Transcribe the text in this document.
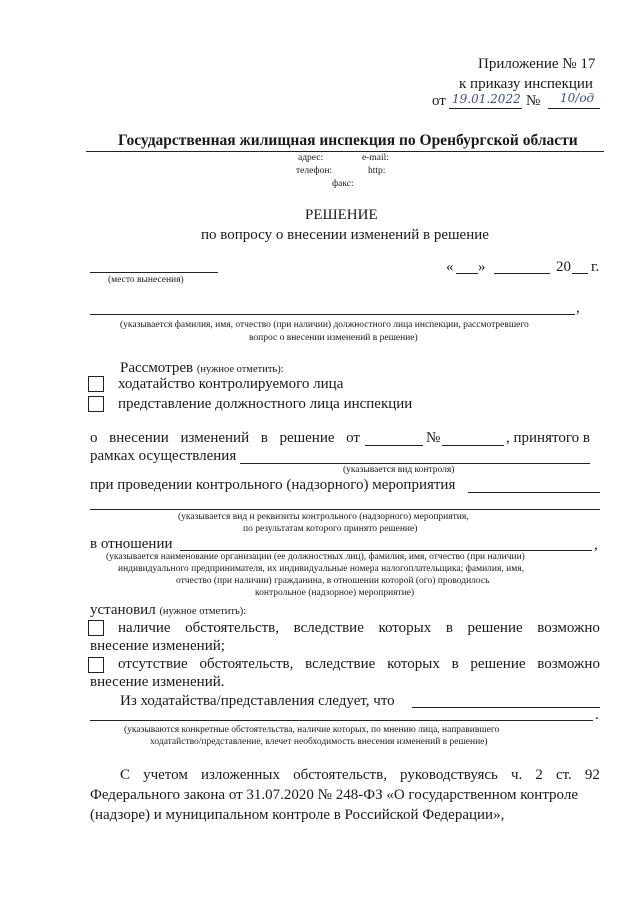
Приложение № 17
к приказу инспекции
от 19.01.2022 № 10/од
Государственная жилищная инспекция по Оренбургской области
адрес:	e-mail:
телефон:	http:
факс:
РЕШЕНИЕ
по вопросу о внесении изменений в решение
(место вынесения)
« »	20 г.
,
(указывается фамилия, имя, отчество (при наличии) должностного лица инспекции, рассмотревшего
вопрос о внесении изменений в решение)
Рассмотрев (нужное отметить):
ходатайство контролируемого лица
представление должностного лица инспекции
о внесении изменений в решение от	№	, принятого в
рамках осуществления
(указывается вид контроля)
при проведении контрольного (надзорного) мероприятия
(указывается вид и реквизиты контрольного (надзорного) мероприятия,
по результатам которого принято решение)
в отношении	,
(указывается наименование организации (ее должностных лиц), фамилия, имя, отчество (при наличии)
индивидуального предпринимателя, их индивидуальные номера налогоплательщика; фамилия, имя,
отчество (при наличии) гражданина, в отношении которой (ого) проводилось
контрольное (надзорное) мероприятие)
установил (нужное отметить):
наличие обстоятельств, вследствие которых в решение возможно
внесение изменений;
отсутствие обстоятельств, вследствие которых в решение возможно
внесение изменений.
Из ходатайства/представления следует, что
.
(указываются конкретные обстоятельства, наличие которых, по мнению лица, направившего
ходатайство/представление, влечет необходимость внесения изменений в решение)
С учетом изложенных обстоятельств, руководствуясь ч. 2 ст. 92
Федерального закона от 31.07.2020 № 248-ФЗ «О государственном контроле
(надзоре) и муниципальном контроле в Российской Федерации»,
